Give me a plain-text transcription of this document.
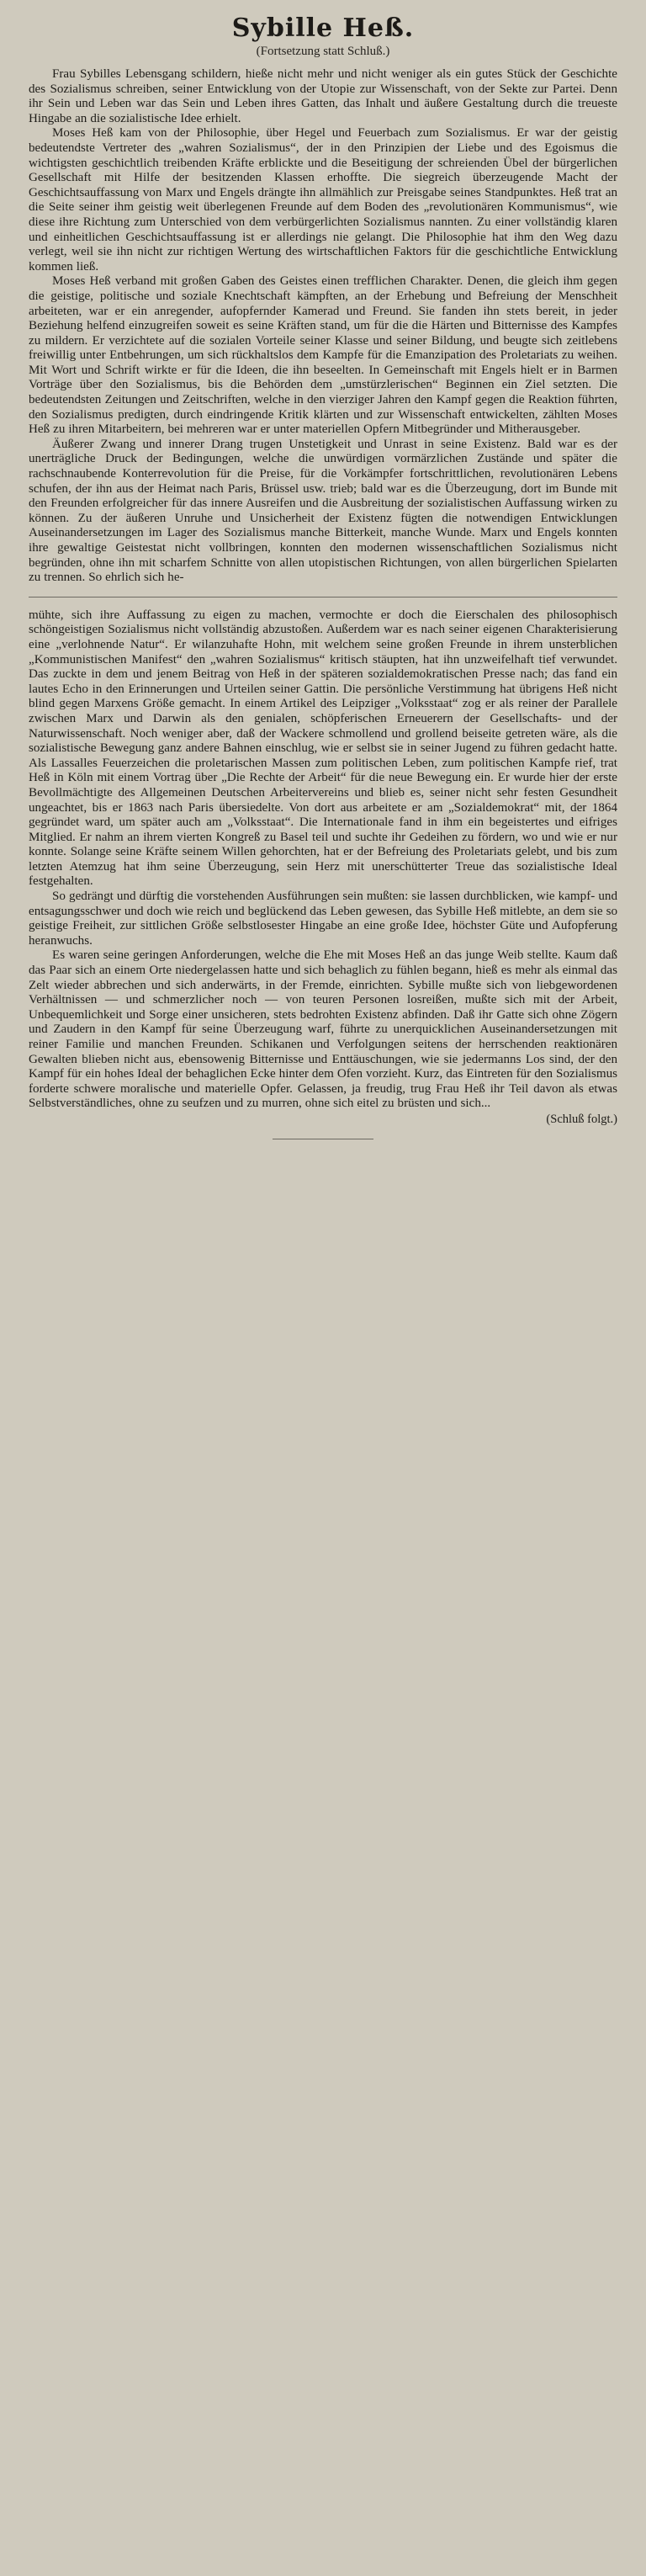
Sybille Heß.
(Fortsetzung statt Schluß.)

Frau Sybilles Lebensgang schildern, hieße nicht mehr und nicht weniger als ein gutes Stück der Geschichte des Sozialismus schreiben, seiner Entwicklung von der Utopie zur Wissenschaft, von der Sekte zur Partei. Denn ihr Sein und Leben war das Sein und Leben ihres Gatten, das Inhalt und äußere Gestaltung durch die treueste Hingabe an die sozialistische Idee erhielt.

Moses Heß kam von der Philosophie, über Hegel und Feuerbach zum Sozialismus. Er war der geistig bedeutendste Vertreter des „wahren Sozialismus“, der in den Prinzipien der Liebe und des Egoismus die wichtigsten geschichtlich treibenden Kräfte erblickte und die Beseitigung der schreienden Übel der bürgerlichen Gesellschaft mit Hilfe der besitzenden Klassen erhoffte. Die siegreich überzeugende Macht der Geschichtsauffassung von Marx und Engels drängte ihn allmählich zur Preisgabe seines Standpunktes. Heß trat an die Seite seiner ihm geistig weit überlegenen Freunde auf dem Boden des „revolutionären Kommunismus“, wie diese ihre Richtung zum Unterschied von dem verbürgerlichten Sozialismus nannten. Zu einer vollständig klaren und einheitlichen Geschichtsauffassung ist er allerdings nie gelangt. Die Philosophie hat ihm den Weg dazu verlegt, weil sie ihn nicht zur richtigen Wertung des wirtschaftlichen Faktors für die geschichtliche Entwicklung kommen ließ.

Moses Heß verband mit großen Gaben des Geistes einen trefflichen Charakter. Denen, die gleich ihm gegen die geistige, politische und soziale Knechtschaft kämpften, an der Erhebung und Befreiung der Menschheit arbeiteten, war er ein anregender, aufopfernder Kamerad und Freund. Sie fanden ihn stets bereit, in jeder Beziehung helfend einzugreifen soweit es seine Kräften stand, um für die die Härten und Bitternisse des Kampfes zu mildern. Er verzichtete auf die sozialen Vorteile seiner Klasse und seiner Bildung, und beugte sich zeitlebens freiwillig unter Entbehrungen, um sich rückhaltslos dem Kampfe für die Emanzipation des Proletariats zu weihen. Mit Wort und Schrift wirkte er für die Ideen, die ihn beseelten. In Gemeinschaft mit Engels hielt er in Barmen Vorträge über den Sozialismus, bis die Behörden dem „umstürzlerischen“ Beginnen ein Ziel setzten. Die bedeutendsten Zeitungen und Zeitschriften, welche in den vierziger Jahren den Kampf gegen die Reaktion führten, den Sozialismus predigten, durch eindringende Kritik klärten und zur Wissenschaft entwickelten, zählten Moses Heß zu ihren Mitarbeitern, bei mehreren war er unter materiellen Opfern Mitbegründer und Mitherausgeber.

Äußerer Zwang und innerer Drang trugen Unstetigkeit und Unrast in seine Existenz. Bald war es der unerträgliche Druck der Bedingungen, welche die unwürdigen vormärzlichen Zustände und später die rachschnaubende Konterrevolution für die Preise, für die Vorkämpfer fortschrittlichen, revolutionären Lebens schufen, der ihn aus der Heimat nach Paris, Brüssel usw. trieb; bald war es die Überzeugung, dort im Bunde mit den Freunden erfolgreicher für das innere Ausreifen und die Ausbreitung der sozialistischen Auffassung wirken zu können. Zu der äußeren Unruhe und Unsicherheit der Existenz fügten die notwendigen Entwicklungen Auseinandersetzungen im Lager des Sozialismus manche Bitterkeit, manche Wunde. Marx und Engels konnten ihre gewaltige Geistestat nicht vollbringen, konnten den modernen wissenschaftlichen Sozialismus nicht begründen, ohne ihn mit scharfem Schnitte von allen utopistischen Richtungen, von allen bürgerlichen Spielarten zu trennen. So ehrlich sich he-

mühte, sich ihre Auffassung zu eigen zu machen, vermochte er doch die Eierschalen des philosophisch schöngeistigen Sozialismus nicht vollständig abzustoßen. Außerdem war es nach seiner eigenen Charakterisierung eine „verlohnende Natur“. Er wilanzuhafte Hohn, mit welchem seine großen Freunde in ihrem unsterblichen „Kommunistischen Manifest“ den „wahren Sozialismus“ kritisch stäupten, hat ihn unzweifelhaft tief verwundet. Das zuckte in dem und jenem Beitrag von Heß in der späteren sozialdemokratischen Presse nach; das fand ein lautes Echo in den Erinnerungen und Urteilen seiner Gattin. Die persönliche Verstimmung hat übrigens Heß nicht blind gegen Marxens Größe gemacht. In einem Artikel des Leipziger „Volksstaat“ zog er als reiner der Parallele zwischen Marx und Darwin als den genialen, schöpferischen Erneuerern der Gesellschafts- und der Naturwissenschaft. Noch weniger aber, daß der Wackere schmollend und grollend beiseite getreten wäre, als die sozialistische Bewegung ganz andere Bahnen einschlug, wie er selbst sie in seiner Jugend zu führen gedacht hatte. Als Lassalles Feuerzeichen die proletarischen Massen zum politischen Leben, zum politischen Kampfe rief, trat Heß in Köln mit einem Vortrag über „Die Rechte der Arbeit“ für die neue Bewegung ein. Er wurde hier der erste Bevollmächtigte des Allgemeinen Deutschen Arbeitervereins und blieb es, seiner nicht sehr festen Gesundheit ungeachtet, bis er 1863 nach Paris übersiedelte. Von dort aus arbeitete er am „Sozialdemokrat“ mit, der 1864 gegründet ward, um später auch am „Volksstaat“. Die Internationale fand in ihm ein begeistertes und eifriges Mitglied. Er nahm an ihrem vierten Kongreß zu Basel teil und suchte ihr Gedeihen zu fördern, wo und wie er nur konnte. Solange seine Kräfte seinem Willen gehorchten, hat er der Befreiung des Proletariats gelebt, und bis zum letzten Atemzug hat ihm seine Überzeugung, sein Herz mit unerschütterter Treue das sozialistische Ideal festgehalten.

So gedrängt und dürftig die vorstehenden Ausführungen sein mußten: sie lassen durchblicken, wie kampf- und entsagungsschwer und doch wie reich und beglückend das Leben gewesen, das Sybille Heß mitlebte, an dem sie so geistige Freiheit, zur sittlichen Größe selbstlosester Hingabe an eine große Idee, höchster Güte und Aufopferung heranwuchs.

Es waren seine geringen Anforderungen, welche die Ehe mit Moses Heß an das junge Weib stellte. Kaum daß das Paar sich an einem Orte niedergelassen hatte und sich behaglich zu fühlen begann, hieß es mehr als einmal das Zelt wieder abbrechen und sich anderwärts, in der Fremde, einrichten. Sybille mußte sich von liebgewordenen Verhältnissen — und schmerzlicher noch — von teuren Personen losreißen, mußte sich mit der Arbeit, Unbequemlichkeit und Sorge einer unsicheren, stets bedrohten Existenz abfinden. Daß ihr Gatte sich ohne Zögern und Zaudern in den Kampf für seine Überzeugung warf, führte zu unerquicklichen Auseinandersetzungen mit reiner Familie und manchen Freunden. Schikanen und Verfolgungen seitens der herrschenden reaktionären Gewalten blieben nicht aus, ebensowenig Bitternisse und Enttäuschungen, wie sie jedermanns Los sind, der den Kampf für ein hohes Ideal der behaglichen Ecke hinter dem Ofen vorzieht. Kurz, das Eintreten für den Sozialismus forderte schwere moralische und materielle Opfer. Gelassen, ja freudig, trug Frau Heß ihr Teil davon als etwas Selbstverständliches, ohne zu seufzen und zu murren, ohne sich eitel zu brüsten und sich...

(Schluß folgt.)
